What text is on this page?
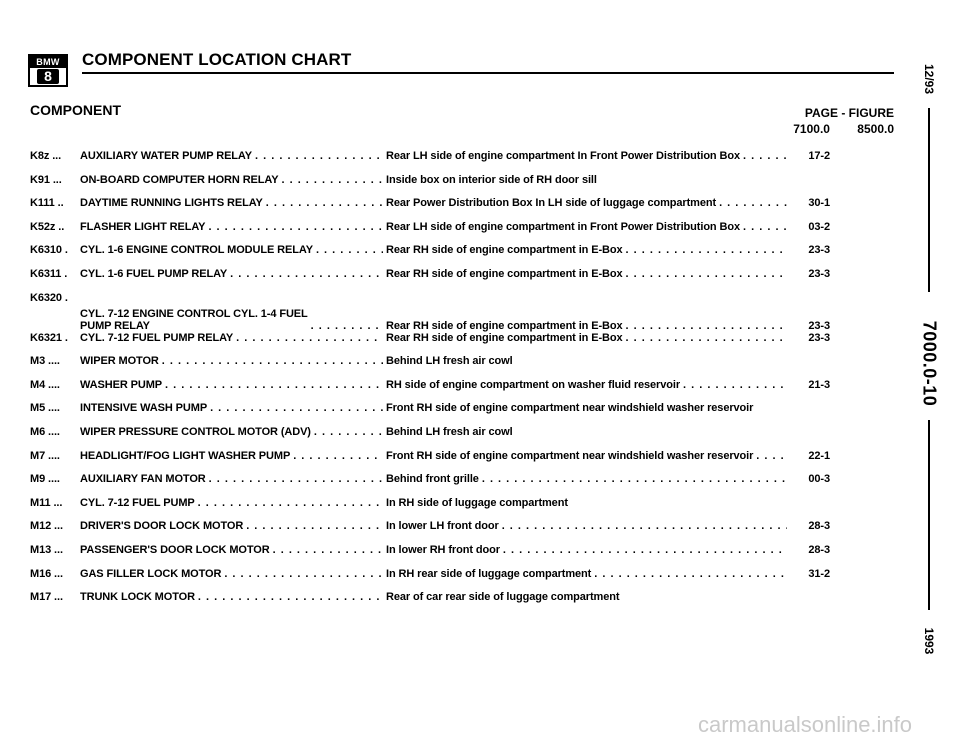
BMW
8
COMPONENT LOCATION CHART
COMPONENT	PAGE - FIGURE
7100.0 8500.0
K8z ...	AUXILIARY WATER PUMP RELAY . . .	Rear LH side of engine compartment In Front Power Distribution Box . . .	17-2
K91 ...	ON-BOARD COMPUTER HORN RELAY . . .	Inside box on interior side of RH door sill
K111 ..	DAYTIME RUNNING LIGHTS RELAY . . .	Rear Power Distribution Box In LH side of luggage compartment . . .	30-1
K52z ..	FLASHER LIGHT RELAY . . .	Rear LH side of engine compartment in Front Power Distribution Box . . .	03-2
K6310 .	CYL. 1-6 ENGINE CONTROL MODULE RELAY . . .	Rear RH side of engine compartment in E-Box . . .	23-3
K6311 .	CYL. 1-6 FUEL PUMP RELAY . . .	Rear RH side of engine compartment in E-Box . . .	23-3
K6320 .
CYL. 7-12 ENGINE CONTROL CYL. 1-4 FUEL
PUMP RELAY . . .	Rear RH side of engine compartment in E-Box . . .	23-3
K6321 .	CYL. 7-12 FUEL PUMP RELAY . . .	Rear RH side of engine compartment in E-Box . . .	23-3
M3 ....	WIPER MOTOR . . .	Behind LH fresh air cowl
M4 ....	WASHER PUMP . . .	RH side of engine compartment on washer fluid reservoir . . .	21-3
M5 ....	INTENSIVE WASH PUMP . . .	Front RH side of engine compartment near windshield washer reservoir
M6 ....	WIPER PRESSURE CONTROL MOTOR (ADV) . . .	Behind LH fresh air cowl
M7 ....	HEADLIGHT/FOG LIGHT WASHER PUMP . . .	Front RH side of engine compartment near windshield washer reservoir . . .	22-1
M9 ....	AUXILIARY FAN MOTOR . . .	Behind front grille . . .	00-3
M11 ...	CYL. 7-12 FUEL PUMP . . .	In RH side of luggage compartment
M12 ...	DRIVER'S DOOR LOCK MOTOR . . .	In lower LH front door . . .	28-3
M13 ...	PASSENGER'S DOOR LOCK MOTOR . . .	In lower RH front door . . .	28-3
M16 ...	GAS FILLER LOCK MOTOR . . .	In RH rear side of luggage compartment . . .	31-2
M17 ...	TRUNK LOCK MOTOR . . .	Rear of car rear side of luggage compartment
12/93
7000.0-10
1993
carmanualsonline.info
